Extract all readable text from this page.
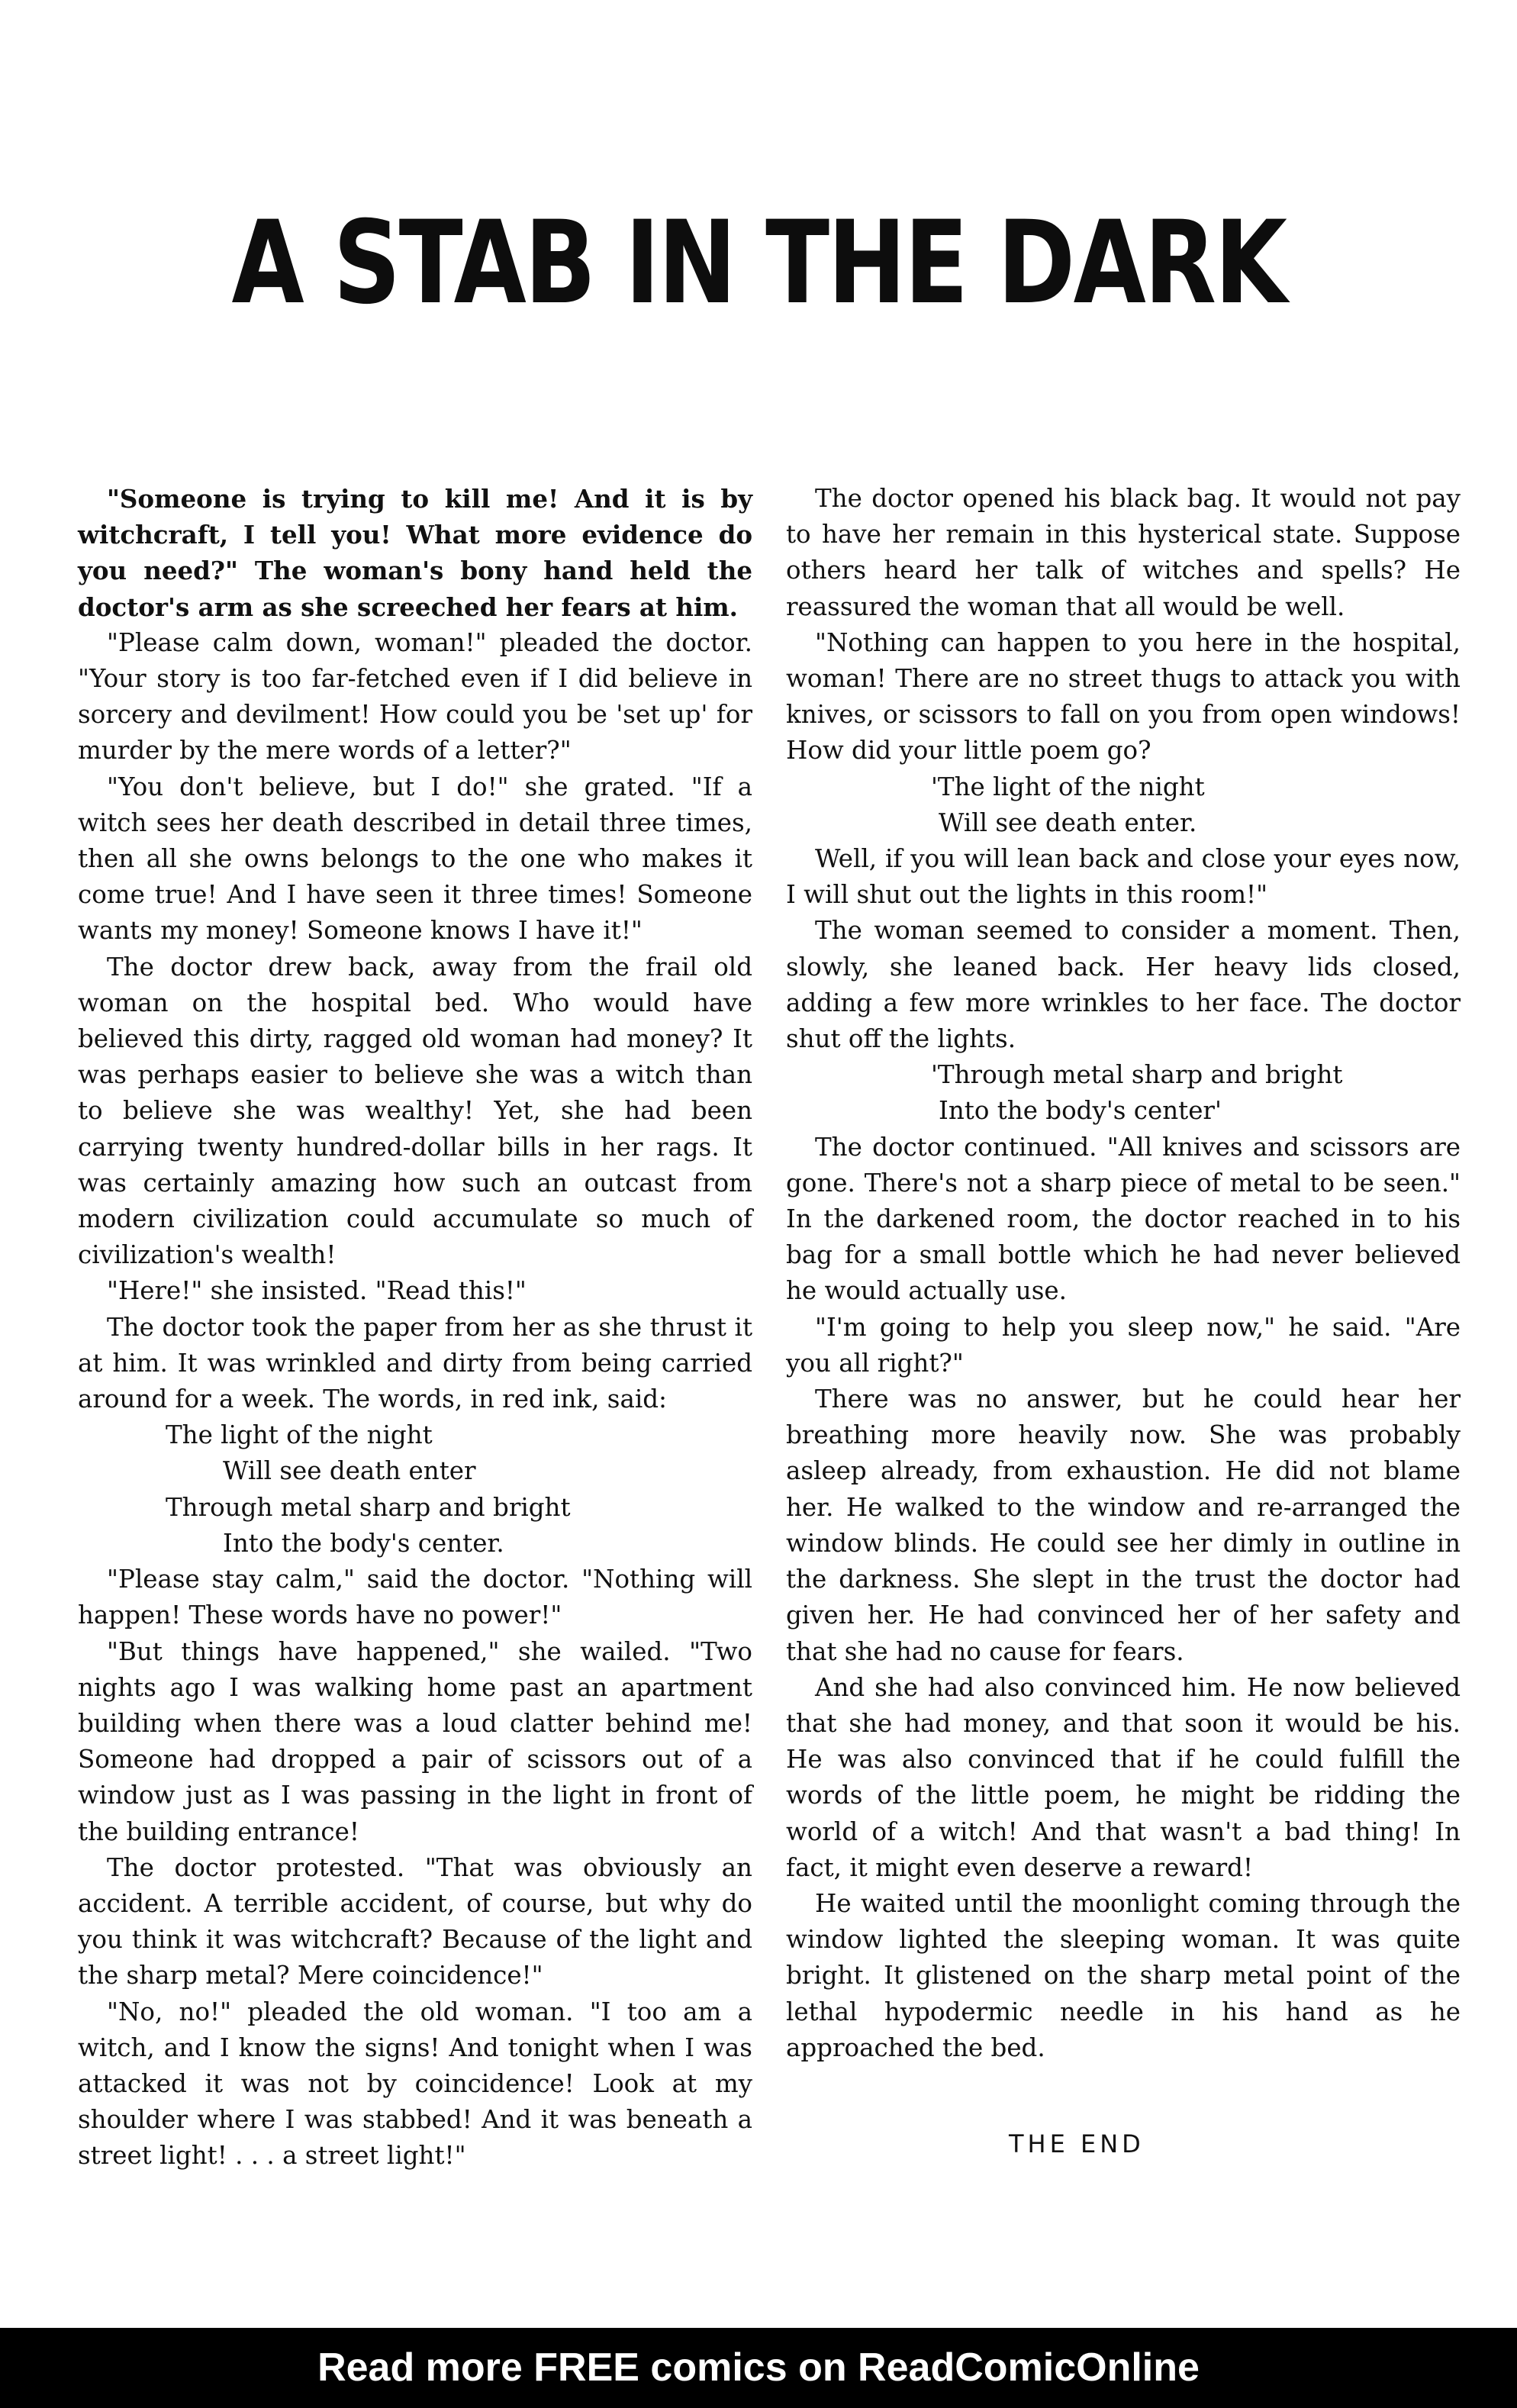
A STAB IN THE DARK

"Someone is trying to kill me! And it is by witchcraft, I tell you! What more evidence do you need?" The woman's bony hand held the doctor's arm as she screeched her fears at him.

"Please calm down, woman!" pleaded the doctor. "Your story is too far-fetched even if I did believe in sorcery and devilment! How could you be 'set up' for murder by the mere words of a letter?"

"You don't believe, but I do!" she grated. "If a witch sees her death described in detail three times, then all she owns belongs to the one who makes it come true! And I have seen it three times! Someone wants my money! Someone knows I have it!"

The doctor drew back, away from the frail old woman on the hospital bed. Who would have believed this dirty, ragged old woman had money? It was perhaps easier to believe she was a witch than to believe she was wealthy! Yet, she had been carrying twenty hundred-dollar bills in her rags. It was certainly amazing how such an outcast from modern civilization could accumulate so much of civilization's wealth!

"Here!" she insisted. "Read this!"

The doctor took the paper from her as she thrust it at him. It was wrinkled and dirty from being carried around for a week. The words, in red ink, said:

The light of the night
Will see death enter
Through metal sharp and bright
Into the body's center.

"Please stay calm," said the doctor. "Nothing will happen! These words have no power!"

"But things have happened," she wailed. "Two nights ago I was walking home past an apartment building when there was a loud clatter behind me! Someone had dropped a pair of scissors out of a window just as I was passing in the light in front of the building entrance!

The doctor protested. "That was obviously an accident. A terrible accident, of course, but why do you think it was witchcraft? Because of the light and the sharp metal? Mere coincidence!"

"No, no!" pleaded the old woman. "I too am a witch, and I know the signs! And tonight when I was attacked it was not by coincidence! Look at my shoulder where I was stabbed! And it was beneath a street light! . . . a street light!"

The doctor opened his black bag. It would not pay to have her remain in this hysterical state. Suppose others heard her talk of witches and spells? He reassured the woman that all would be well.

"Nothing can happen to you here in the hospital, woman! There are no street thugs to attack you with knives, or scissors to fall on you from open windows! How did your little poem go?

'The light of the night
Will see death enter.

Well, if you will lean back and close your eyes now, I will shut out the lights in this room!"

The woman seemed to consider a moment. Then, slowly, she leaned back. Her heavy lids closed, adding a few more wrinkles to her face. The doctor shut off the lights.

'Through metal sharp and bright
Into the body's center'

The doctor continued. "All knives and scissors are gone. There's not a sharp piece of metal to be seen." In the darkened room, the doctor reached in to his bag for a small bottle which he had never believed he would actually use.

"I'm going to help you sleep now," he said. "Are you all right?"

There was no answer, but he could hear her breathing more heavily now. She was probably asleep already, from exhaustion. He did not blame her. He walked to the window and re-arranged the window blinds. He could see her dimly in outline in the darkness. She slept in the trust the doctor had given her. He had convinced her of her safety and that she had no cause for fears.

And she had also convinced him. He now believed that she had money, and that soon it would be his. He was also convinced that if he could fulfill the words of the little poem, he might be ridding the world of a witch! And that wasn't a bad thing! In fact, it might even deserve a reward!

He waited until the moonlight coming through the window lighted the sleeping woman. It was quite bright. It glistened on the sharp metal point of the lethal hypodermic needle in his hand as he approached the bed.

THE END
Read more FREE comics on ReadComicOnline
